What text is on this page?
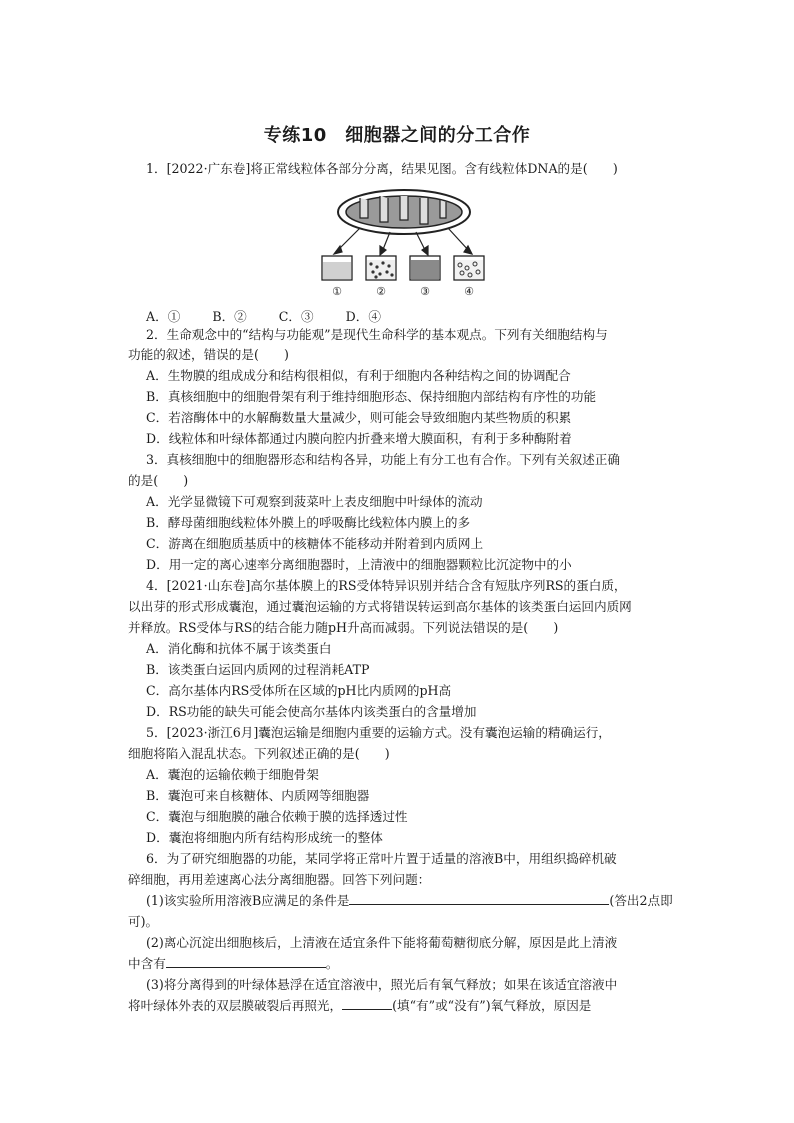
专练10　细胞器之间的分工合作
1．[2022·广东卷]将正常线粒体各部分分离，结果见图。含有线粒体DNA的是(　　)
①	②	③	④
A．①	B．②	C．③	D．④
2．生命观念中的“结构与功能观”是现代生命科学的基本观点。下列有关细胞结构与
功能的叙述，错误的是(　　)
A．生物膜的组成成分和结构很相似，有利于细胞内各种结构之间的协调配合
B．真核细胞中的细胞骨架有利于维持细胞形态、保持细胞内部结构有序性的功能
C．若溶酶体中的水解酶数量大量减少，则可能会导致细胞内某些物质的积累
D．线粒体和叶绿体都通过内膜向腔内折叠来增大膜面积，有利于多种酶附着
3．真核细胞中的细胞器形态和结构各异，功能上有分工也有合作。下列有关叙述正确
的是(　　)
A．光学显微镜下可观察到菠菜叶上表皮细胞中叶绿体的流动
B．酵母菌细胞线粒体外膜上的呼吸酶比线粒体内膜上的多
C．游离在细胞质基质中的核糖体不能移动并附着到内质网上
D．用一定的离心速率分离细胞器时，上清液中的细胞器颗粒比沉淀物中的小
4．[2021·山东卷]高尔基体膜上的RS受体特异识别并结合含有短肽序列RS的蛋白质，
以出芽的形式形成囊泡，通过囊泡运输的方式将错误转运到高尔基体的该类蛋白运回内质网
并释放。RS受体与RS的结合能力随pH升高而减弱。下列说法错误的是(　　)
A．消化酶和抗体不属于该类蛋白
B．该类蛋白运回内质网的过程消耗ATP
C．高尔基体内RS受体所在区域的pH比内质网的pH高
D．RS功能的缺失可能会使高尔基体内该类蛋白的含量增加
5．[2023·浙江6月]囊泡运输是细胞内重要的运输方式。没有囊泡运输的精确运行，
细胞将陷入混乱状态。下列叙述正确的是(　　)
A．囊泡的运输依赖于细胞骨架
B．囊泡可来自核糖体、内质网等细胞器
C．囊泡与细胞膜的融合依赖于膜的选择透过性
D．囊泡将细胞内所有结构形成统一的整体
6．为了研究细胞器的功能，某同学将正常叶片置于适量的溶液B中，用组织捣碎机破
碎细胞，再用差速离心法分离细胞器。回答下列问题：
(1)该实验所用溶液B应满足的条件是	(答出2点即
可)。
(2)离心沉淀出细胞核后，上清液在适宜条件下能将葡萄糖彻底分解，原因是此上清液
中含有	。
(3)将分离得到的叶绿体悬浮在适宜溶液中，照光后有氧气释放；如果在该适宜溶液中
将叶绿体外表的双层膜破裂后再照光，	(填“有”或“没有”)氧气释放，原因是
